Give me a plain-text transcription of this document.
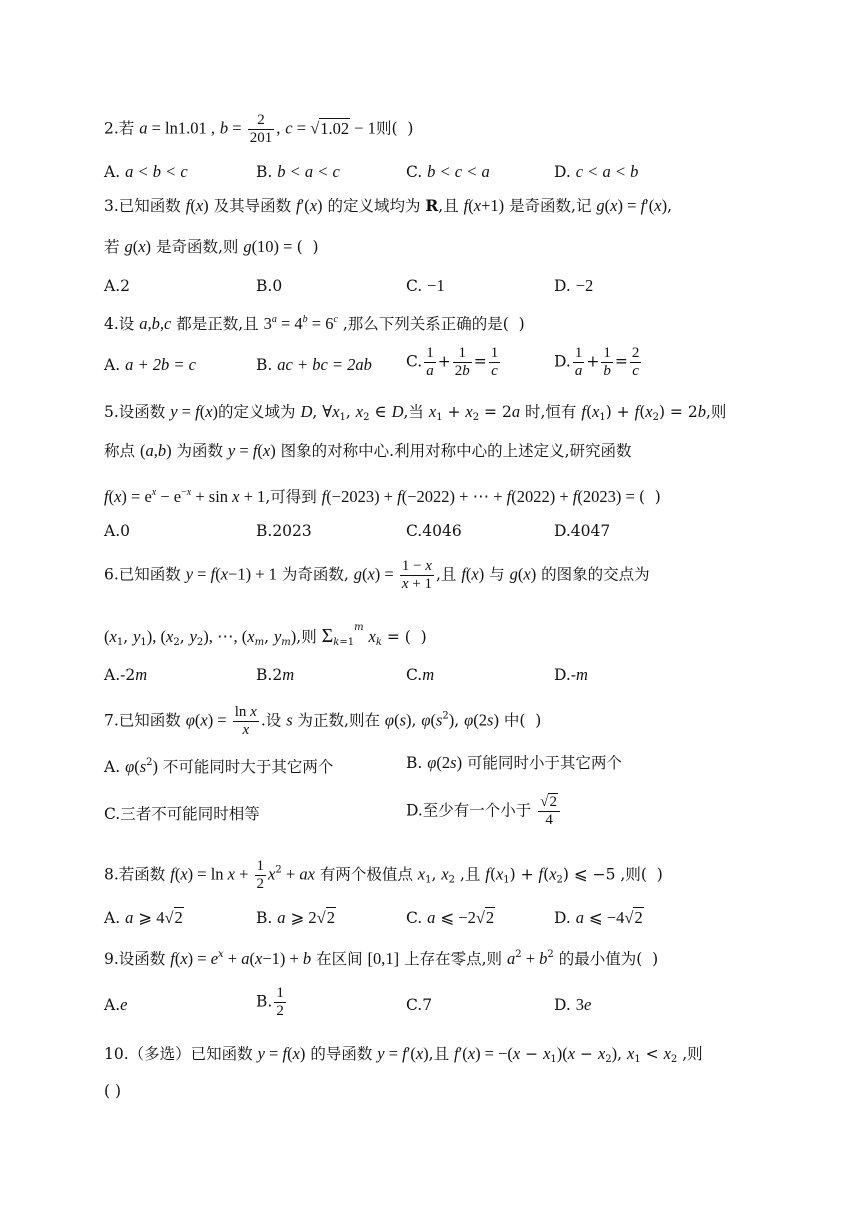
2.若 a = ln1.01 , $b = \frac{2}{201}$ , c = √1.02 − 1则(  )
A. a < b < c	B. b < a < c	C. b < c < a	D. c < a < b
3.已知函数 f(x) 及其导函数 f′(x) 的定义域均为 R,且 f(x+1) 是奇函数,记 g(x) = f′(x),
若 g(x) 是奇函数,则 g(10) = (  )
A.2	B.0	C. −1	D. −2
4.设 a,b,c 都是正数,且 $3^a = 4^b = 6^c$ ,那么下列关系正确的是(  )
A. a + 2b = c	B. ac + bc = 2ab C. $\frac{1}{a} + \frac{1}{2b} = \frac{1}{c}$	D. $\frac{1}{a} + \frac{1}{b} = \frac{2}{c}$
5.设函数 y = f(x)的定义域为 D, $\forall x_1$, $x_2$ ∈ D,当 $x_1 + x_2 = 2a$ 时,恒有 $f(x_1) + f(x_2) = 2b$,则
称点 (a,b) 为函数 y = f(x) 图象的对称中心.利用对称中心的上述定义,研究函数
$f(x) = e^x - e^{-x} + \sin x + 1$,可得到 f(−2023) + f(−2022) + ⋯ + f(2022) + f(2023) = (  )
A.0	B.2023	C.4046	D.4047
6.已知函数 y = f(x−1) + 1 为奇函数, $g(x) = \frac{1 - x}{x + 1}$ ,且 f(x) 与 g(x) 的图象的交点为
($x_1$, $y_1$), ($x_2$, $y_2$), ⋯, ($x_m$, $y_m$),则 $\Sigma_{k=1}^m$ $x_k$ = (  )
A.-2m	B.2m	C.m	D.-m
7.已知函数 $\varphi(x) = \frac{\text{ln x}}{x}$ .设 s 为正数,则在 φ(s), $\varphi(s^2)$, φ(2s) 中(  )
A. $\varphi(s^2)$ 不可能同时大于其它两个	B. φ(2s) 可能同时小于其它两个
C.三者不可能同时相等	D.至少有一个小于 $\frac{√2}{4}$
8.若函数 $f(x) = \ln x + \frac{1}{2} x^2$ + ax 有两个极值点 $x_1$, $x_2$ ,且 $f(x_1) + f(x_2)$ ⩽ −5 ,则(  )
A. a ⩾ 4√2	B. a ⩾ 2√2	C. a ⩽ −2√2	D. a ⩽ −4√2
9.设函数 $f(x) = e^x + a(x-1) + b$ 在区间 [0,1] 上存在零点,则 $a^2 + b^2$ 的最小值为(  )
A.e	B. $\frac{1}{2}$	C.7	D. 3e
10.（多选）已知函数 y = f(x) 的导函数 y = f′(x),且 $f'(x) = -(x - x_1)(x - x_2)$, $x_1 < x_2$ ,则
( )
